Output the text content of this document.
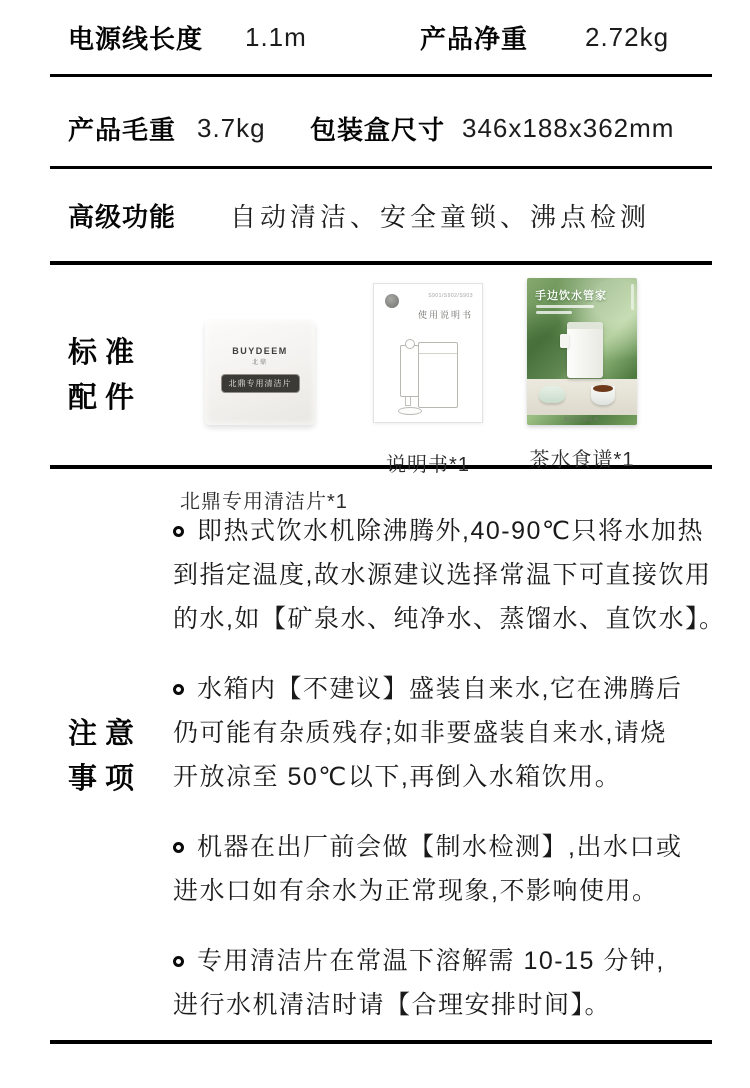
电源线长度	1.1m	产品净重	2.72kg
产品毛重 3.7kg	包装盒尺寸 346x188x362mm
高级功能	自动清洁、安全童锁、沸点检测
标准
配件
BUYDEEM
北鼎
北鼎专用清洁片
北鼎专用清洁片*1
S901/S902/S903
使用说明书
说明书*1
手边饮水管家
BUYDEEM
茶水食谱*1
注意
事项
即热式饮水机除沸腾外,40-90℃只将水加热
到指定温度,故水源建议选择常温下可直接饮用
的水,如【矿泉水、纯净水、蒸馏水、直饮水】。
水箱内【不建议】盛装自来水,它在沸腾后
仍可能有杂质残存;如非要盛装自来水,请烧
开放凉至 50℃以下,再倒入水箱饮用。
机器在出厂前会做【制水检测】,出水口或
进水口如有余水为正常现象,不影响使用。
专用清洁片在常温下溶解需 10-15 分钟,
进行水机清洁时请【合理安排时间】。
